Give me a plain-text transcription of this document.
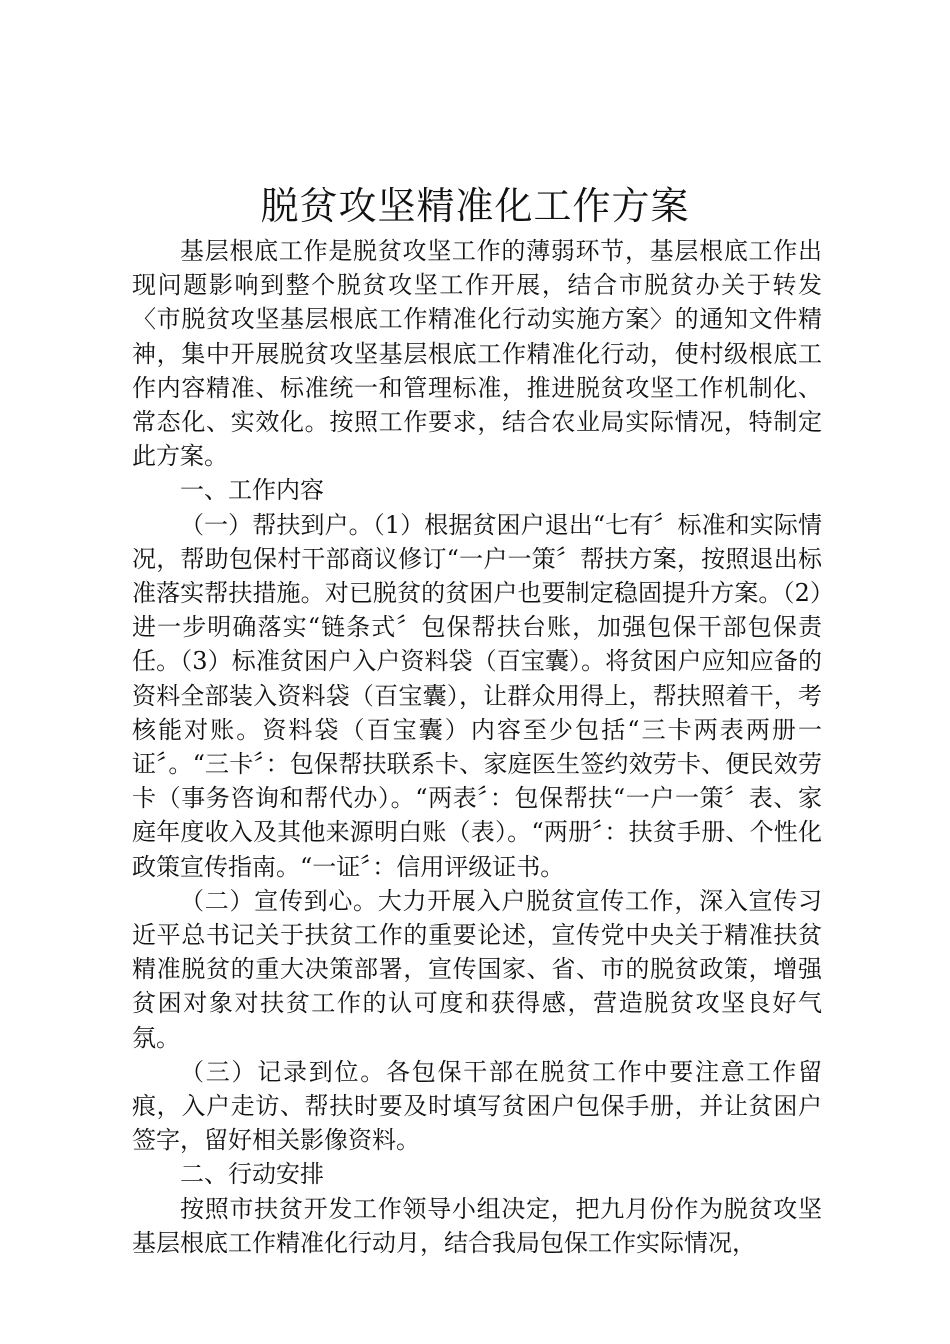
脱贫攻坚精准化工作方案

基层根底工作是脱贫攻坚工作的薄弱环节，基层根底工作出现问题影响到整个脱贫攻坚工作开展，结合市脱贫办关于转发〈市脱贫攻坚基层根底工作精准化行动实施方案〉的通知文件精神，集中开展脱贫攻坚基层根底工作精准化行动，使村级根底工作内容精准、标准统一和管理标准，推进脱贫攻坚工作机制化、常态化、实效化。按照工作要求，结合农业局实际情况，特制定此方案。

一、工作内容

（一）帮扶到户。（1）根据贫困户退出“七有〞标准和实际情况，帮助包保村干部商议修订“一户一策〞帮扶方案，按照退出标准落实帮扶措施。对已脱贫的贫困户也要制定稳固提升方案。（2）进一步明确落实“链条式〞包保帮扶台账，加强包保干部包保责任。（3）标准贫困户入户资料袋（百宝囊）。将贫困户应知应备的资料全部装入资料袋（百宝囊），让群众用得上，帮扶照着干，考核能对账。资料袋（百宝囊）内容至少包括“三卡两表两册一证〞。“三卡〞：包保帮扶联系卡、家庭医生签约效劳卡、便民效劳卡（事务咨询和帮代办）。“两表〞：包保帮扶“一户一策〞表、家庭年度收入及其他来源明白账（表）。“两册〞：扶贫手册、个性化政策宣传指南。“一证〞：信用评级证书。

（二）宣传到心。大力开展入户脱贫宣传工作，深入宣传习近平总书记关于扶贫工作的重要论述，宣传党中央关于精准扶贫精准脱贫的重大决策部署，宣传国家、省、市的脱贫政策，增强贫困对象对扶贫工作的认可度和获得感，营造脱贫攻坚良好气氛。

（三）记录到位。各包保干部在脱贫工作中要注意工作留痕，入户走访、帮扶时要及时填写贫困户包保手册，并让贫困户签字，留好相关影像资料。

二、行动安排

按照市扶贫开发工作领导小组决定，把九月份作为脱贫攻坚基层根底工作精准化行动月，结合我局包保工作实际情况，
